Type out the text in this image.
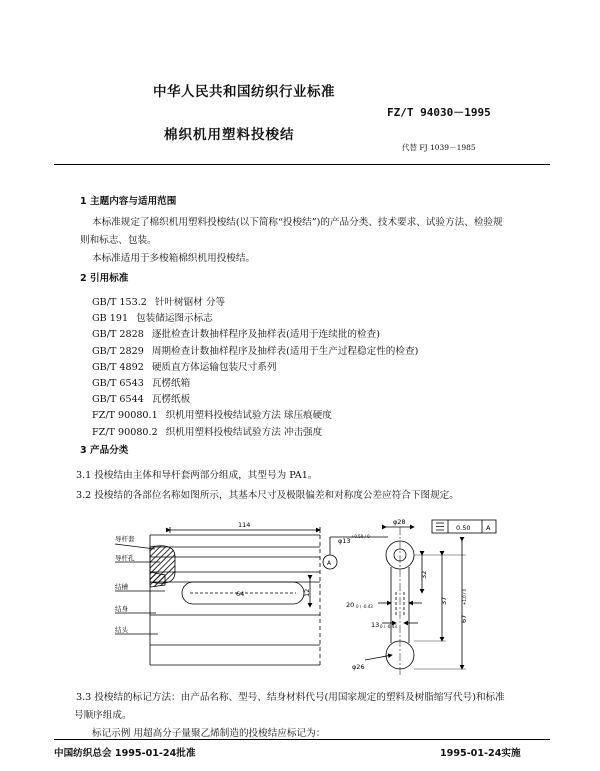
中华人民共和国纺织行业标准
FZ/T 94030－1995
棉织机用塑料投梭结
代替 FJ 1039－1985
1 主题内容与适用范围
本标准规定了棉织机用塑料投梭结(以下简称“投梭结”)的产品分类、技术要求、试验方法、检验规
则和标志、包装。
本标准适用于多梭箱棉织机用投梭结。
2 引用标准
GB/T 153.2 针叶树锯材 分等
GB 191 包装储运图示标志
GB/T 2828 逐批检查计数抽样程序及抽样表(适用于连续批的检查)
GB/T 2829 周期检查计数抽样程序及抽样表(适用于生产过程稳定性的检查)
GB/T 4892 硬质直方体运输包装尺寸系列
GB/T 6543 瓦楞纸箱
GB/T 6544 瓦楞纸板
FZ/T 90080.1 织机用塑料投梭结试验方法 球压痕硬度
FZ/T 90080.2 织机用塑料投梭结试验方法 冲击强度
3 产品分类
3.1 投梭结由主体和导杆套两部分组成，其型号为 PA1。
3.2 投梭结的各部位名称如图所示，其基本尺寸及极限偏差和对称度公差应符合下图规定。
导杆套
导杆孔
结槽
结身
结头
114
64	12
φ28
φ26
φ13
+0.50 / 0
0.50 A
A
32
37
67
+1.0 / 0
20 0 / -0.43
13 0 / -0.43
3.3 投梭结的标记方法：由产品名称、型号、结身材料代号(用国家规定的塑料及树脂缩写代号)和标准
号顺序组成。
标记示例 用超高分子量聚乙烯制造的投梭结应标记为：
中国纺织总会 1995-01-24批准	1995-01-24实施
